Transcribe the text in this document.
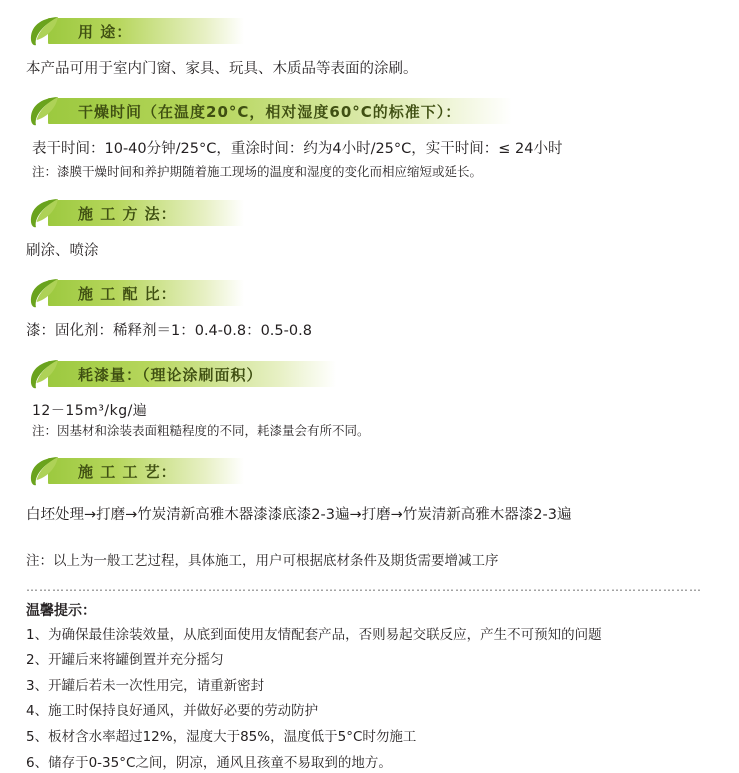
用 途：
本产品可用于室内门窗、家具、玩具、木质品等表面的涂刷。
干燥时间（在温度20°C，相对湿度60°C的标准下）：
表干时间：10-40分钟/25°C，重涂时间：约为4小时/25°C，实干时间：≤ 24小时
注：漆膜干燥时间和养护期随着施工现场的温度和湿度的变化而相应缩短或延长。
施 工 方 法：
刷涂、喷涂
施 工 配 比：
漆：固化剂：稀释剂＝1：0.4-0.8：0.5-0.8
耗漆量：（理论涂刷面积）
12－15m³/kg/遍
注：因基材和涂装表面粗糙程度的不同，耗漆量会有所不同。
施 工 工 艺：
白坯处理→打磨→竹炭清新高雅木器漆漆底漆2-3遍→打磨→竹炭清新高雅木器漆2-3遍
注：以上为一般工艺过程，具体施工，用户可根据底材条件及期货需要增减工序
…………………………………………………………………………………………………………………………………………
温馨提示：
1、为确保最佳涂装效量，从底到面使用友情配套产品，否则易起交联反应，产生不可预知的问题
2、开罐后来将罐倒置并充分摇匀
3、开罐后若未一次性用完，请重新密封
4、施工时保持良好通风，并做好必要的劳动防护
5、板材含水率超过12%，湿度大于85%，温度低于5°C时勿施工
6、储存于0-35°C之间，阴凉，通风且孩童不易取到的地方。
